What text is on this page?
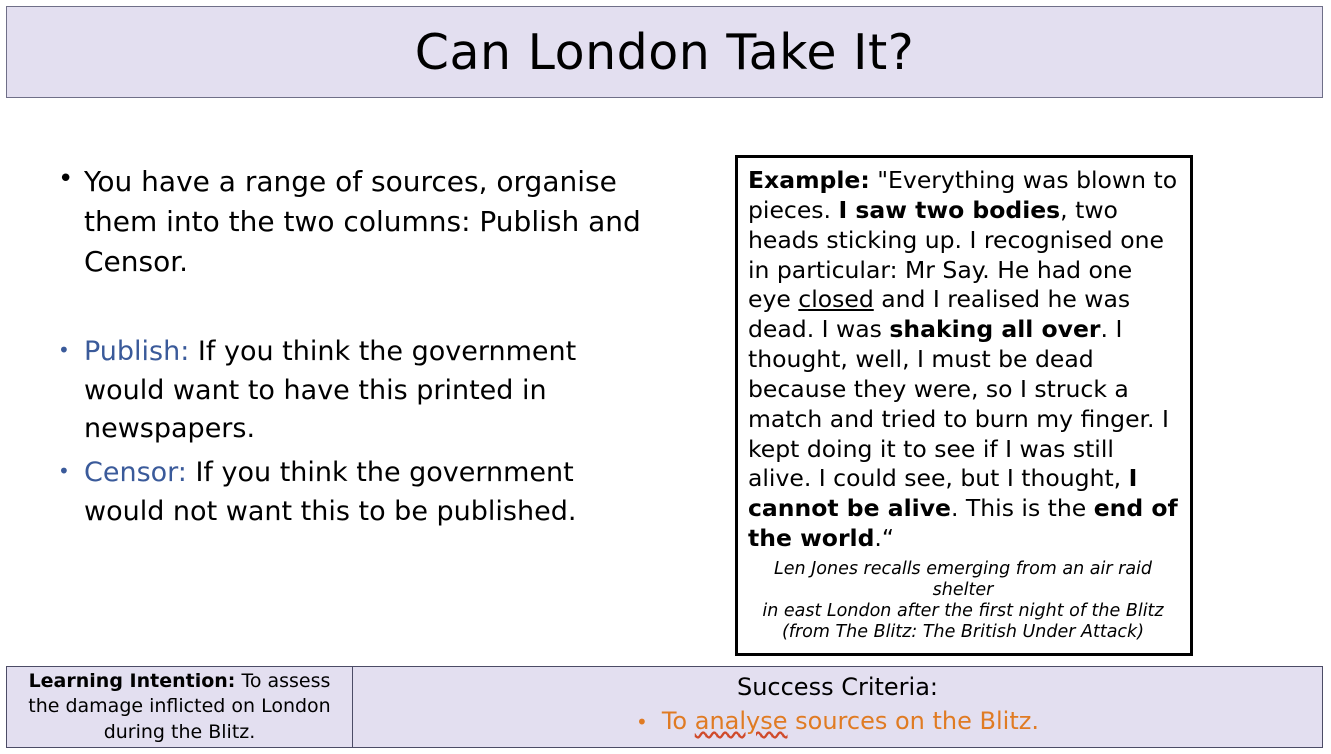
Can London Take It?
• You have a range of sources, organise them into the two columns: Publish and Censor.
• Publish: If you think the government would want to have this printed in newspapers.
• Censor: If you think the government would not want this to be published.
Example: "Everything was blown to pieces. I saw two bodies, two heads sticking up. I recognised one in particular: Mr Say. He had one eye closed and I realised he was dead. I was shaking all over. I thought, well, I must be dead because they were, so I struck a match and tried to burn my finger. I kept doing it to see if I was still alive. I could see, but I thought, I cannot be alive. This is the end of the world.“
Len Jones recalls emerging from an air raid shelter
in east London after the first night of the Blitz
(from The Blitz: The British Under Attack)
Learning Intention: To assess the damage inflicted on London during the Blitz.
Success Criteria:
• To analyse sources on the Blitz.
